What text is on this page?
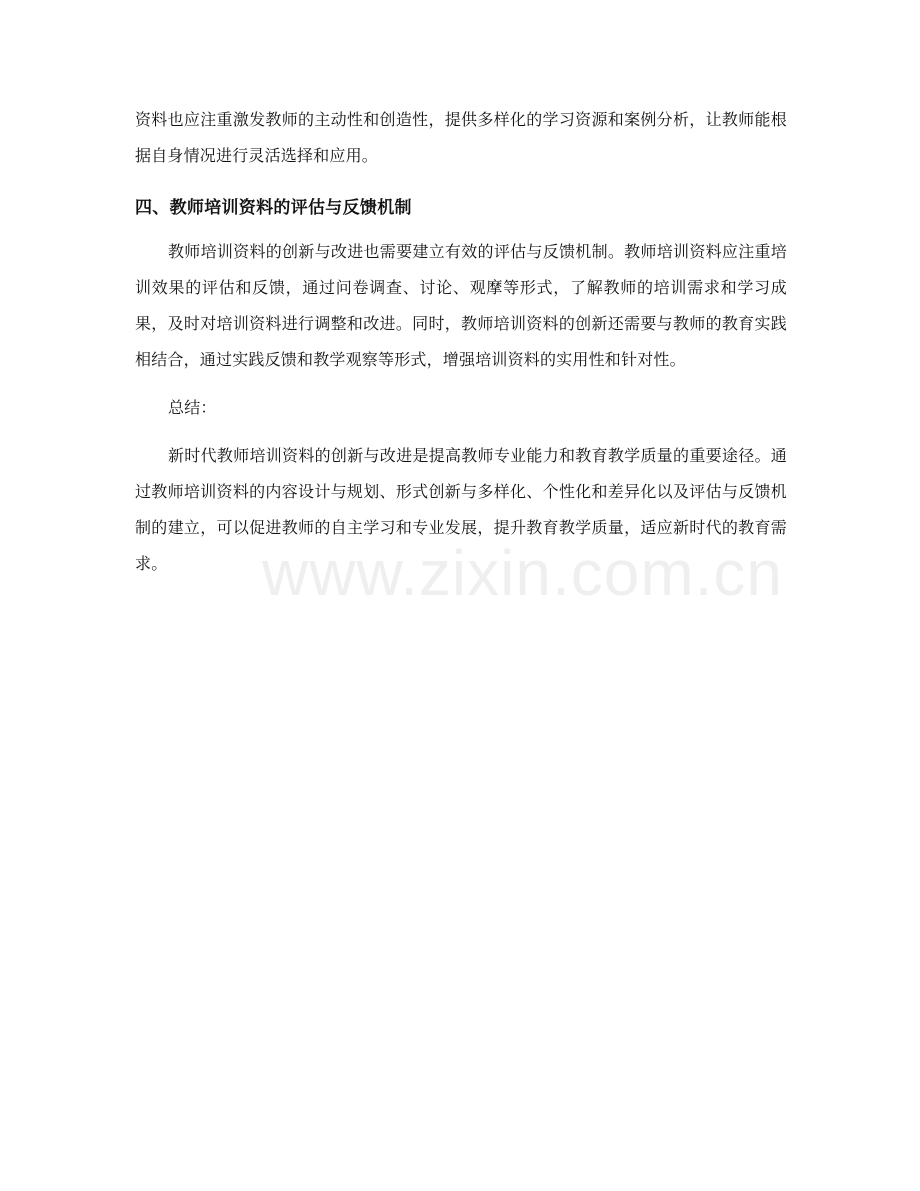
资料也应注重激发教师的主动性和创造性，提供多样化的学习资源和案例分析，让教师能根据自身情况进行灵活选择和应用。

四、教师培训资料的评估与反馈机制

教师培训资料的创新与改进也需要建立有效的评估与反馈机制。教师培训资料应注重培训效果的评估和反馈，通过问卷调查、讨论、观摩等形式，了解教师的培训需求和学习成果，及时对培训资料进行调整和改进。同时，教师培训资料的创新还需要与教师的教育实践相结合，通过实践反馈和教学观察等形式，增强培训资料的实用性和针对性。

总结：

新时代教师培训资料的创新与改进是提高教师专业能力和教育教学质量的重要途径。通过教师培训资料的内容设计与规划、形式创新与多样化、个性化和差异化以及评估与反馈机制的建立，可以促进教师的自主学习和专业发展，提升教育教学质量，适应新时代的教育需求。	www.zixin.com.cn
